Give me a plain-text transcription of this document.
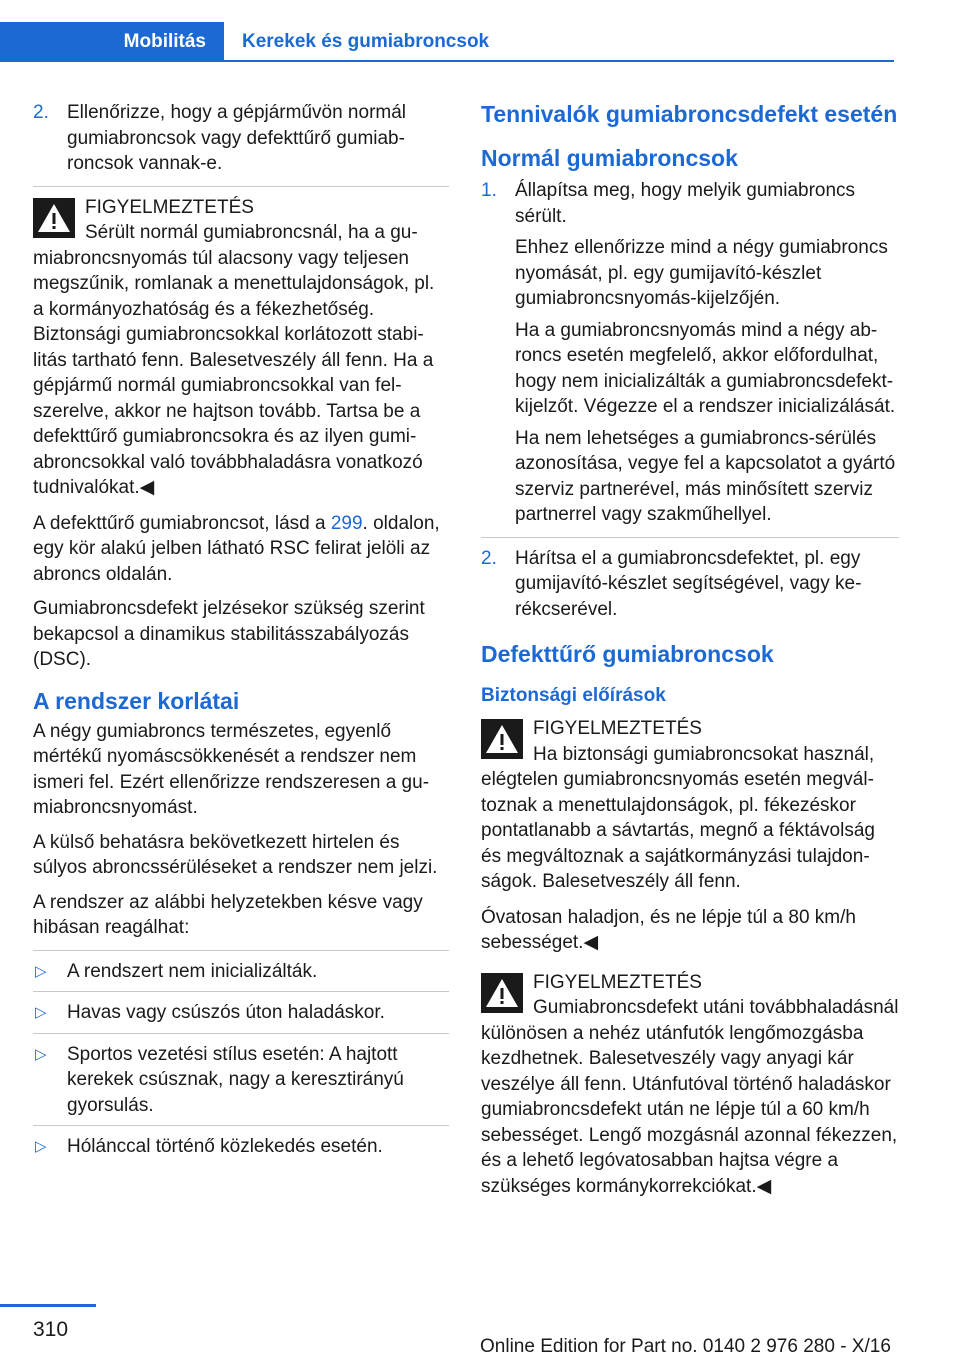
Mobilitás Kerekek és gumiabroncsok
2. Ellenőrizze, hogy a gépjárművön normál gumiabroncsok vagy defekttűrő gumiabroncsok vannak-e.
FIGYELMEZTETÉS
Sérült normál gumiabroncsnál, ha a gumiabroncsnyomás túl alacsony vagy teljesen megszűnik, romlanak a menettulajdonságok, pl. a kormányozhatóság és a fékezhetőség. Biztonsági gumiabroncsokkal korlátozott stabilitás tartható fenn. Balesetveszély áll fenn. Ha a gépjármű normál gumiabroncsokkal van felszerelve, akkor ne hajtson tovább. Tartsa be a defekttűrő gumiabroncsokra és az ilyen gumiabroncsokkal való továbbhaladásra vonatkozó tudnivalókat.◀

A defekttűrő gumiabroncsot, lásd a 299. oldalon, egy kör alakú jelben látható RSC felirat jelöli az abroncs oldalán.

Gumiabroncsdefekt jelzésekor szükség szerint bekapcsol a dinamikus stabilitásszabályozás (DSC).

A rendszer korlátai

A négy gumiabroncs természetes, egyenlő mértékű nyomáscsökkenését a rendszer nem ismeri fel. Ezért ellenőrizze rendszeresen a gumiabroncsnyomást.

A külső behatásra bekövetkezett hirtelen és súlyos abroncssérüléseket a rendszer nem jelzi.

A rendszer az alábbi helyzetekben késve vagy hibásan reagálhat:

▷ A rendszert nem inicializálták.
▷ Havas vagy csúszós úton haladáskor.
▷ Sportos vezetési stílus esetén: A hajtott kerekek csúsznak, nagy a keresztirányú gyorsulás.
▷ Hólánccal történő közlekedés esetén.
Tennivalók gumiabroncsdefekt esetén
Normál gumiabroncsok
1. Állapítsa meg, hogy melyik gumiabroncs sérült.
Ehhez ellenőrizze mind a négy gumiabroncs nyomását, pl. egy gumijavító-készlet gumiabroncsnyomás-kijelzőjén.
Ha a gumiabroncsnyomás mind a négy abroncs esetén megfelelő, akkor előfordulhat, hogy nem inicializálták a gumiabroncsdefekt-kijelzőt. Végezze el a rendszer inicializálását.
Ha nem lehetséges a gumiabroncs-sérülés azonosítása, vegye fel a kapcsolatot a gyártó szerviz partnerével, más minősített szerviz partnerrel vagy szakműhellyel.
2. Hárítsa el a gumiabroncsdefektet, pl. egy gumijavító-készlet segítségével, vagy kerékcserével.
Defekttűrő gumiabroncsok
Biztonsági előírások
FIGYELMEZTETÉS
Ha biztonsági gumiabroncsokat használ, elégtelen gumiabroncsnyomás esetén megváltoznak a menettulajdonságok, pl. fékezéskor pontatlanabb a sávtartás, megnő a féktávolság és megváltoznak a sajátkormányzási tulajdonságok. Balesetveszély áll fenn.

Óvatosan haladjon, és ne lépje túl a 80 km/h sebességet.◀

FIGYELMEZTETÉS
Gumiabroncsdefekt utáni továbbhaladásnál különösen a nehéz utánfutók lengőmozgásba kezdhetnek. Balesetveszély vagy anyagi kár veszélye áll fenn. Utánfutóval történő haladáskor gumiabroncsdefekt után ne lépje túl a 60 km/h sebességet. Lengő mozgásnál azonnal fékezzen, és a lehető legóvatosabban hajtsa végre a szükséges kormánykorrekciókat.◀
310
Online Edition for Part no. 0140 2 976 280 - X/16
